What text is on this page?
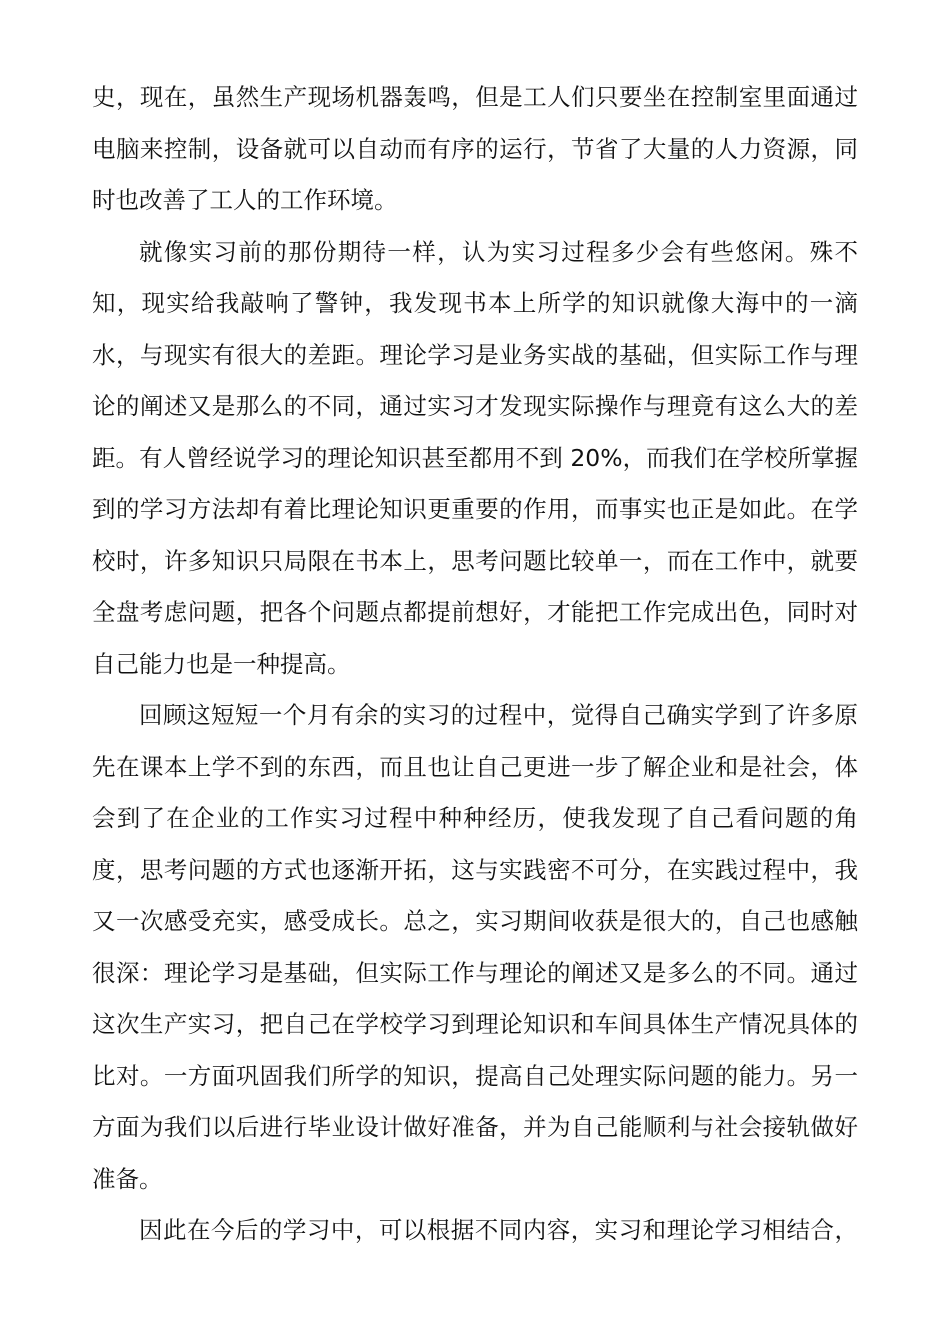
史，现在，虽然生产现场机器轰鸣，但是工人们只要坐在控制室里面通过
电脑来控制，设备就可以自动而有序的运行，节省了大量的人力资源，同
时也改善了工人的工作环境。
就像实习前的那份期待一样，认为实习过程多少会有些悠闲。殊不
知，现实给我敲响了警钟，我发现书本上所学的知识就像大海中的一滴
水，与现实有很大的差距。理论学习是业务实战的基础，但实际工作与理
论的阐述又是那么的不同，通过实习才发现实际操作与理竟有这么大的差
距。有人曾经说学习的理论知识甚至都用不到 20%，而我们在学校所掌握
到的学习方法却有着比理论知识更重要的作用，而事实也正是如此。在学
校时，许多知识只局限在书本上，思考问题比较单一，而在工作中，就要
全盘考虑问题，把各个问题点都提前想好，才能把工作完成出色，同时对
自己能力也是一种提高。
回顾这短短一个月有余的实习的过程中，觉得自己确实学到了许多原
先在课本上学不到的东西，而且也让自己更进一步了解企业和是社会，体
会到了在企业的工作实习过程中种种经历，使我发现了自己看问题的角
度，思考问题的方式也逐渐开拓，这与实践密不可分，在实践过程中，我
又一次感受充实，感受成长。总之，实习期间收获是很大的，自己也感触
很深：理论学习是基础，但实际工作与理论的阐述又是多么的不同。通过
这次生产实习，把自己在学校学习到理论知识和车间具体生产情况具体的
比对。一方面巩固我们所学的知识，提高自己处理实际问题的能力。另一
方面为我们以后进行毕业设计做好准备，并为自己能顺利与社会接轨做好
准备。
因此在今后的学习中，可以根据不同内容，实习和理论学习相结合，
